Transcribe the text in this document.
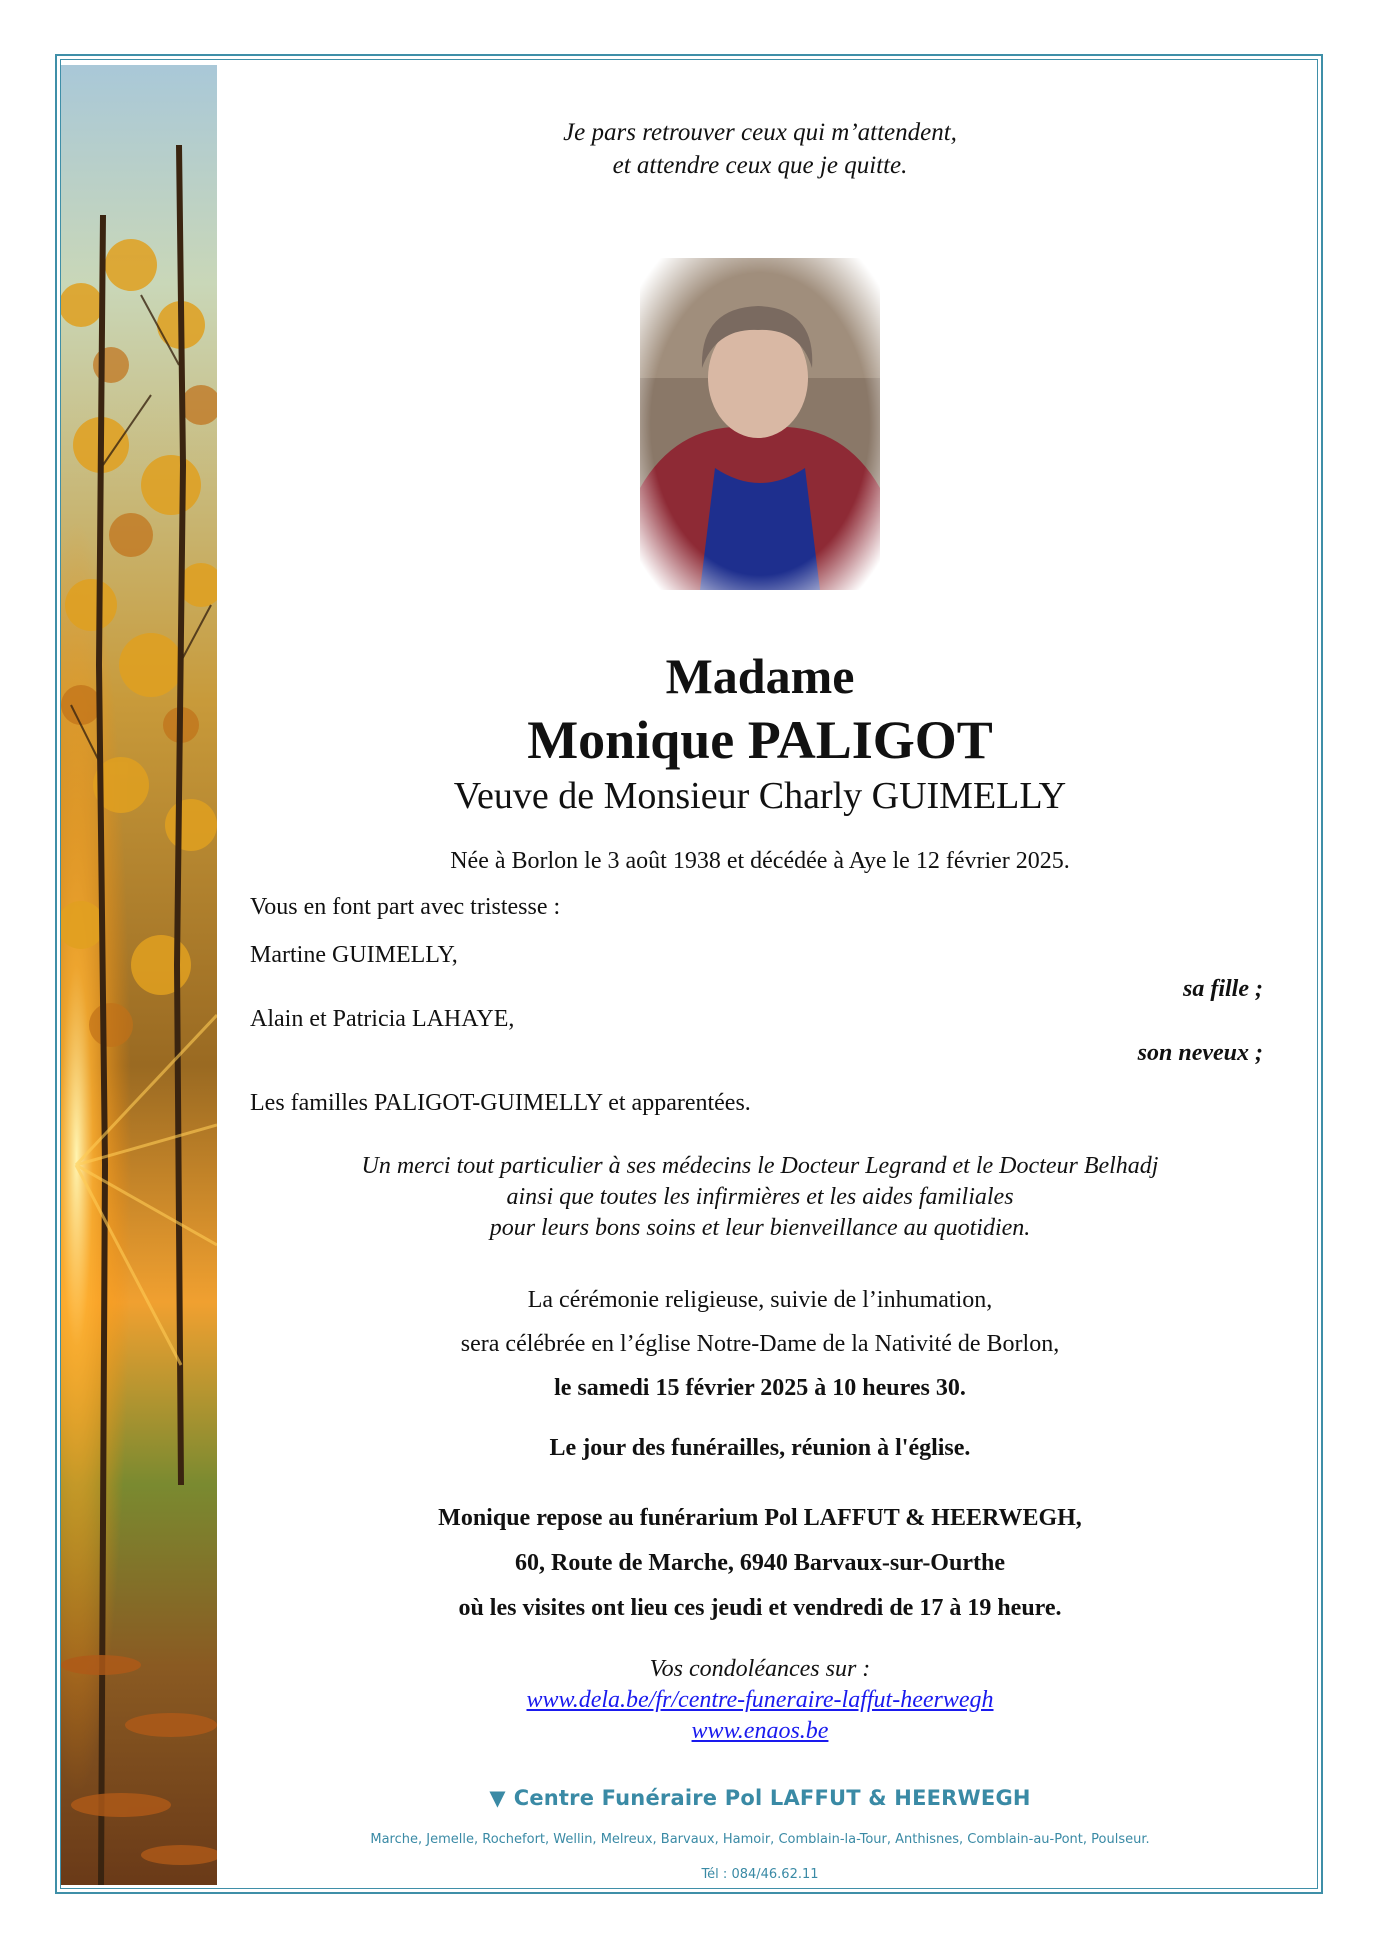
Je pars retrouver ceux qui m’attendent,
et attendre ceux que je quitte.
Madame
Monique PALIGOT
Veuve de Monsieur Charly GUIMELLY
Née à Borlon le 3 août 1938 et décédée à Aye le 12 février 2025.
Vous en font part avec tristesse :
Martine GUIMELLY,
sa fille ;
Alain et Patricia LAHAYE,
son neveux ;
Les familles PALIGOT-GUIMELLY et apparentées.
Un merci tout particulier à ses médecins le Docteur Legrand et le Docteur Belhadj
ainsi que toutes les infirmières et les aides familiales
pour leurs bons soins et leur bienveillance au quotidien.
La cérémonie religieuse, suivie de l’inhumation,
sera célébrée en l’église Notre-Dame de la Nativité de Borlon,
le samedi 15 février 2025 à 10 heures 30.
Le jour des funérailles, réunion à l'église.
Monique repose au funérarium Pol LAFFUT & HEERWEGH,
60, Route de Marche, 6940 Barvaux-sur-Ourthe
où les visites ont lieu ces jeudi et vendredi de 17 à 19 heure.
Vos condoléances sur :
www.dela.be/fr/centre-funeraire-laffut-heerwegh
www.enaos.be
▼ Centre Funéraire Pol LAFFUT & HEERWEGH
Marche, Jemelle, Rochefort, Wellin, Melreux, Barvaux, Hamoir, Comblain-la-Tour, Anthisnes, Comblain-au-Pont, Poulseur.
Tél : 084/46.62.11
